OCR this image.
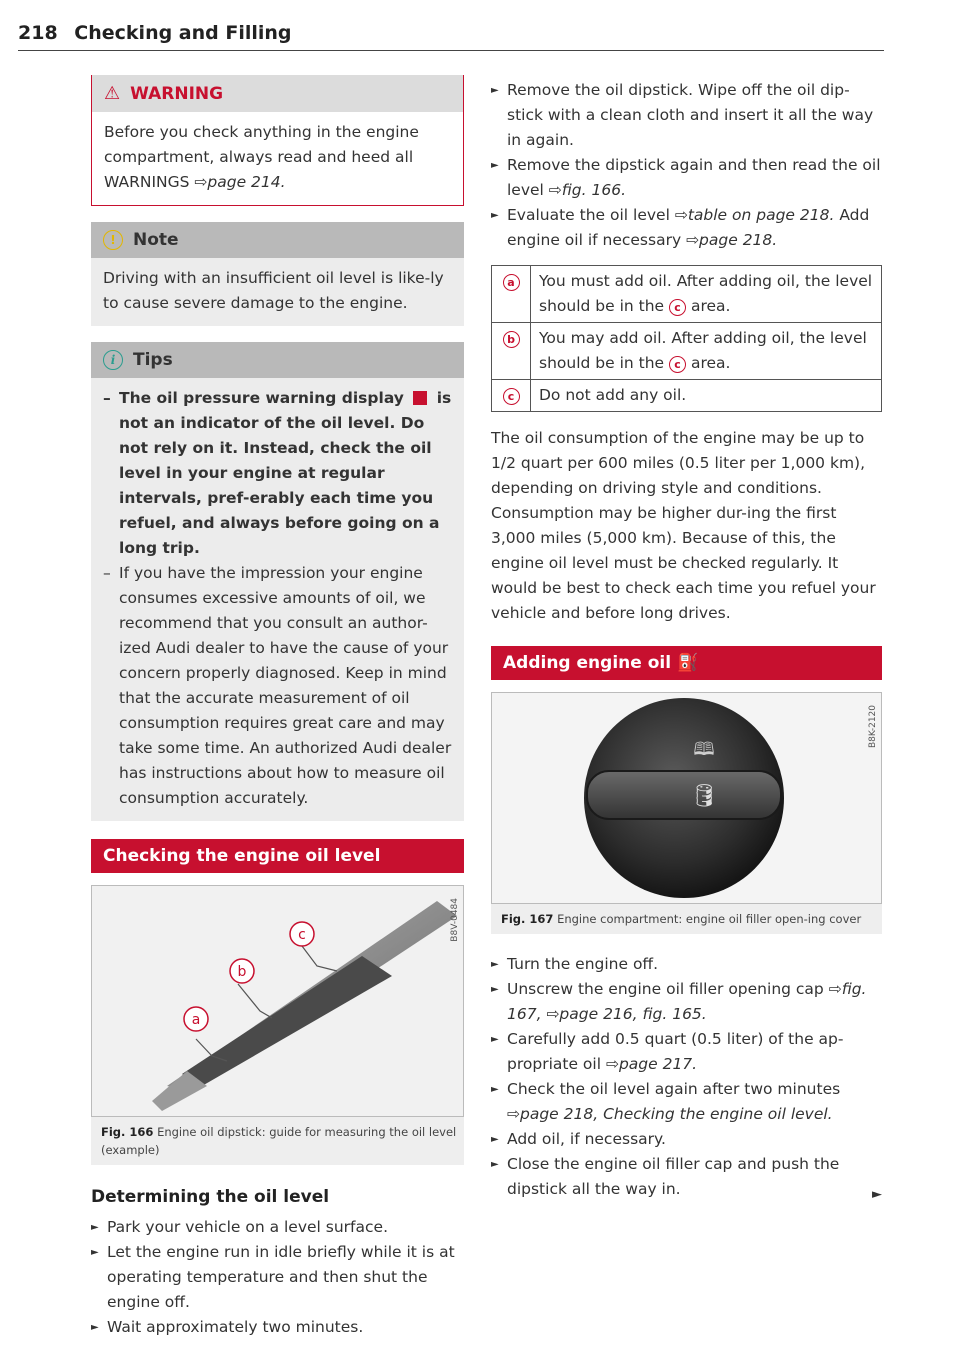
218 Checking and Filling
⚠ WARNING
Before you check anything in the engine compartment, always read and heed all WARNINGS ⇨page 214.
!	Note
Driving with an insufficient oil level is like-ly to cause severe damage to the engine.
i	Tips
– The oil pressure warning display is not an indicator of the oil level. Do not rely on it. Instead, check the oil level in your engine at regular intervals, pref-erably each time you refuel, and always before going on a long trip.
– If you have the impression your engine consumes excessive amounts of oil, we recommend that you consult an author-ized Audi dealer to have the cause of your concern properly diagnosed. Keep in mind that the accurate measurement of oil consumption requires great care and may take some time. An authorized Audi dealer has instructions about how to measure oil consumption accurately.
Checking the engine oil level
B8V-0484
a
b
c
Fig. 166 Engine oil dipstick: guide for measuring the oil level (example)
Determining the oil level
► Park your vehicle on a level surface.
► Let the engine run in idle briefly while it is at operating temperature and then shut the engine off.
► Wait approximately two minutes.
► Remove the oil dipstick. Wipe off the oil dip-stick with a clean cloth and insert it all the way in again.
► Remove the dipstick again and then read the oil level ⇨fig. 166.
► Evaluate the oil level ⇨table on page 218. Add engine oil if necessary ⇨page 218.
a	You must add oil. After adding oil, the level should be in the c area.
b	You may add oil. After adding oil, the level should be in the c area.
c	Do not add any oil.

The oil consumption of the engine may be up to 1/2 quart per 600 miles (0.5 liter per 1,000 km), depending on driving style and conditions. Consumption may be higher dur-ing the first 3,000 miles (5,000 km). Because of this, the engine oil level must be checked regularly. It would be best to check each time you refuel your vehicle and before long drives.

Adding engine oil ⛽
B8K-2120
🕮
🛢
Fig. 167 Engine compartment: engine oil filler open-ing cover
► Turn the engine off.
► Unscrew the engine oil filler opening cap ⇨fig. 167, ⇨page 216, fig. 165.
► Carefully add 0.5 quart (0.5 liter) of the ap-propriate oil ⇨page 217.
► Check the oil level again after two minutes ⇨page 218, Checking the engine oil level.
► Add oil, if necessary.
► Close the engine oil filler cap and push the dipstick all the way in.	►
